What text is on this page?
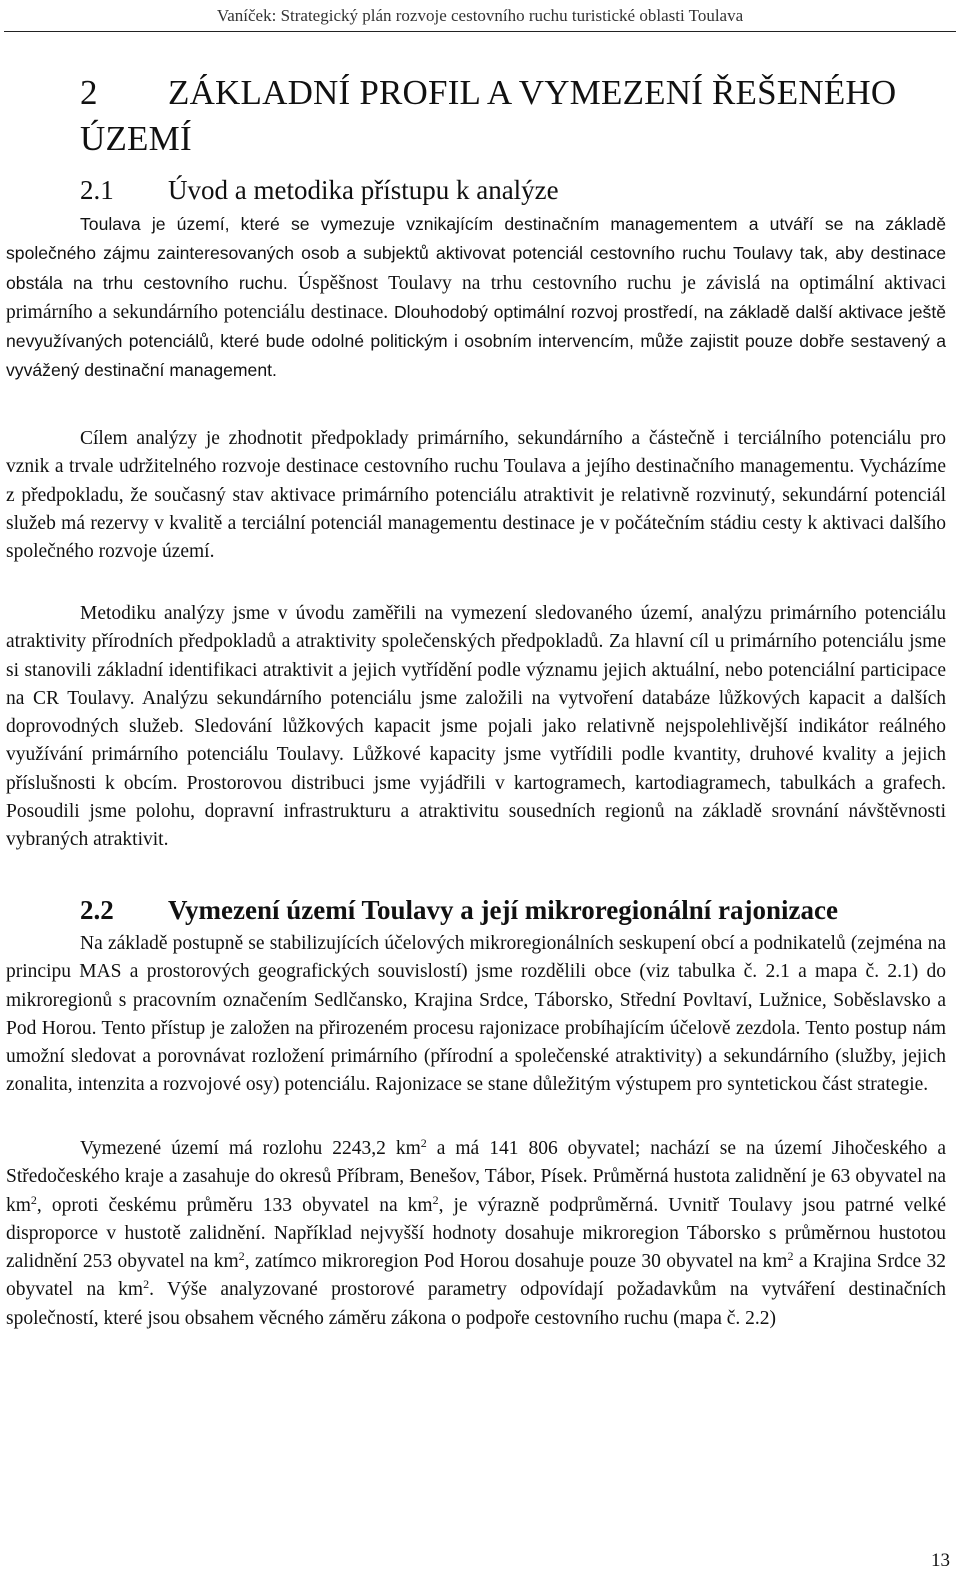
Vaníček: Strategický plán rozvoje cestovního ruchu turistické oblasti Toulava
2 ZÁKLADNÍ PROFIL A VYMEZENÍ ŘEŠENÉHO ÚZEMÍ
2.1 Úvod a metodika přístupu k analýze

Toulava je území, které se vymezuje vznikajícím destinačním managementem a utváří se na základě společného zájmu zainteresovaných osob a subjektů aktivovat potenciál cestovního ruchu Toulavy tak, aby destinace obstála na trhu cestovního ruchu. Úspěšnost Toulavy na trhu cestovního ruchu je závislá na optimální aktivaci primárního a sekundárního potenciálu destinace. Dlouhodobý optimální rozvoj prostředí, na základě další aktivace ještě nevyužívaných potenciálů, které bude odolné politickým i osobním intervencím, může zajistit pouze dobře sestavený a vyvážený destinační management.

Cílem analýzy je zhodnotit předpoklady primárního, sekundárního a částečně i terciálního potenciálu pro vznik a trvale udržitelného rozvoje destinace cestovního ruchu Toulava a jejího destinačního managementu. Vycházíme z předpokladu, že současný stav aktivace primárního potenciálu atraktivit je relativně rozvinutý, sekundární potenciál služeb má rezervy v kvalitě a terciální potenciál managementu destinace je v počátečním stádiu cesty k aktivaci dalšího společného rozvoje území.

Metodiku analýzy jsme v úvodu zaměřili na vymezení sledovaného území, analýzu primárního potenciálu atraktivity přírodních předpokladů a atraktivity společenských předpokladů. Za hlavní cíl u primárního potenciálu jsme si stanovili základní identifikaci atraktivit a jejich vytřídění podle významu jejich aktuální, nebo potenciální participace na CR Toulavy. Analýzu sekundárního potenciálu jsme založili na vytvoření databáze lůžkových kapacit a dalších doprovodných služeb. Sledování lůžkových kapacit jsme pojali jako relativně nejspolehlivější indikátor reálného využívání primárního potenciálu Toulavy. Lůžkové kapacity jsme vytřídili podle kvantity, druhové kvality a jejich příslušnosti k obcím. Prostorovou distribuci jsme vyjádřili v kartogramech, kartodiagramech, tabulkách a grafech. Posoudili jsme polohu, dopravní infrastrukturu a atraktivitu sousedních regionů na základě srovnání návštěvnosti vybraných atraktivit.

2.2 Vymezení území Toulavy a její mikroregionální rajonizace

Na základě postupně se stabilizujících účelových mikroregionálních seskupení obcí a podnikatelů (zejména na principu MAS a prostorových geografických souvislostí) jsme rozdělili obce (viz tabulka č. 2.1 a mapa č. 2.1) do mikroregionů s pracovním označením Sedlčansko, Krajina Srdce, Táborsko, Střední Povltaví, Lužnice, Soběslavsko a Pod Horou. Tento přístup je založen na přirozeném procesu rajonizace probíhajícím účelově zezdola. Tento postup nám umožní sledovat a porovnávat rozložení primárního (přírodní a společenské atraktivity) a sekundárního (služby, jejich zonalita, intenzita a rozvojové osy) potenciálu. Rajonizace se stane důležitým výstupem pro syntetickou část strategie.

Vymezené území má rozlohu 2243,2 $km^2$ a má 141 806 obyvatel; nachází se na území Jihočeského a Středočeského kraje a zasahuje do okresů Příbram, Benešov, Tábor, Písek. Průměrná hustota zalidnění je 63 obyvatel na $km^2$, oproti českému průměru 133 obyvatel na $km^2$, je výrazně podprůměrná. Uvnitř Toulavy jsou patrné velké disproporce v hustotě zalidnění. Například nejvyšší hodnoty dosahuje mikroregion Táborsko s průměrnou hustotou zalidnění 253 obyvatel na $km^2$, zatímco mikroregion Pod Horou dosahuje pouze 30 obyvatel na $km^2$ a Krajina Srdce 32 obyvatel na $km^2$. Výše analyzované prostorové parametry odpovídají požadavkům na vytváření destinačních společností, které jsou obsahem věcného záměru zákona o podpoře cestovního ruchu (mapa č. 2.2)

13
